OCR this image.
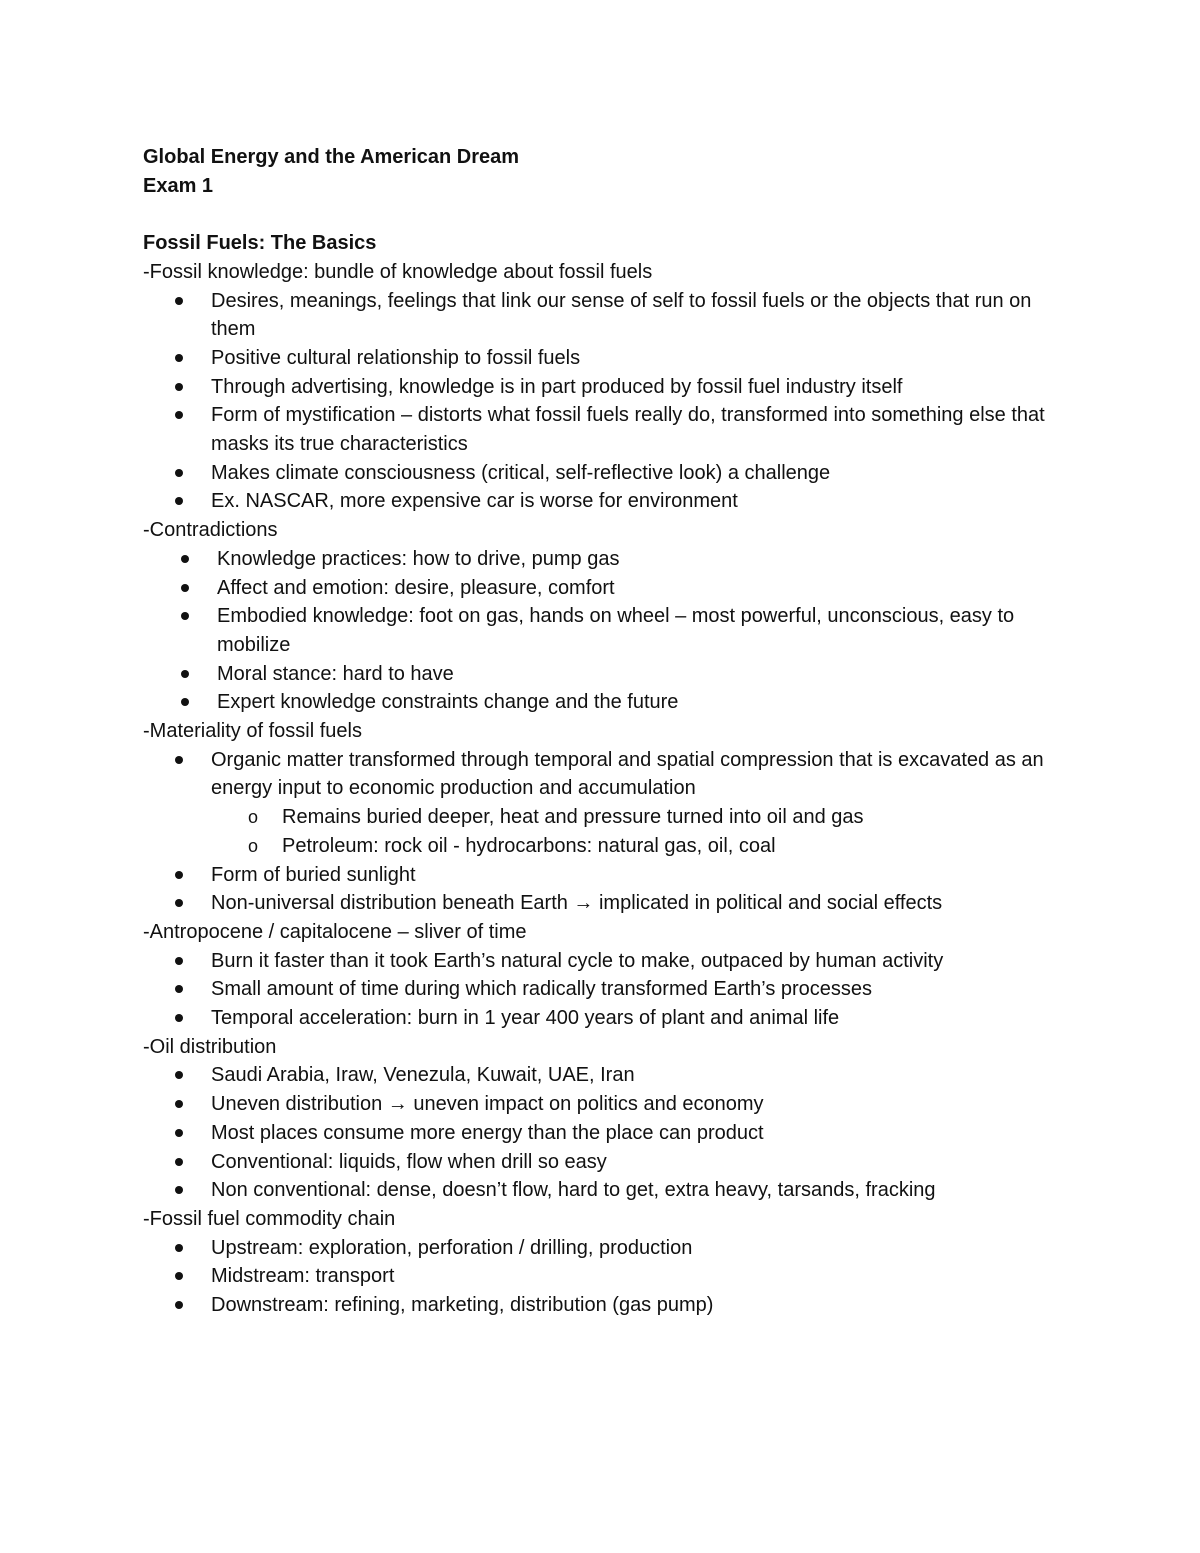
Global Energy and the American Dream
Exam 1
Fossil Fuels: The Basics
-Fossil knowledge: bundle of knowledge about fossil fuels
Desires, meanings, feelings that link our sense of self to fossil fuels or the objects that run on them
Positive cultural relationship to fossil fuels
Through advertising, knowledge is in part produced by fossil fuel industry itself
Form of mystification – distorts what fossil fuels really do, transformed into something else that masks its true characteristics
Makes climate consciousness (critical, self-reflective look) a challenge
Ex. NASCAR, more expensive car is worse for environment
-Contradictions
Knowledge practices: how to drive, pump gas
Affect and emotion: desire, pleasure, comfort
Embodied knowledge: foot on gas, hands on wheel – most powerful, unconscious, easy to mobilize
Moral stance: hard to have
Expert knowledge constraints change and the future
-Materiality of fossil fuels
Organic matter transformed through temporal and spatial compression that is excavated as an energy input to economic production and accumulation
o Remains buried deeper, heat and pressure turned into oil and gas
o Petroleum: rock oil - hydrocarbons: natural gas, oil, coal
Form of buried sunlight
Non-universal distribution beneath Earth → implicated in political and social effects
-Antropocene / capitalocene – sliver of time
Burn it faster than it took Earth’s natural cycle to make, outpaced by human activity
Small amount of time during which radically transformed Earth’s processes
Temporal acceleration: burn in 1 year 400 years of plant and animal life
-Oil distribution
Saudi Arabia, Iraw, Venezula, Kuwait, UAE, Iran
Uneven distribution → uneven impact on politics and economy
Most places consume more energy than the place can product
Conventional: liquids, flow when drill so easy
Non conventional: dense, doesn’t flow, hard to get, extra heavy, tarsands, fracking
-Fossil fuel commodity chain
Upstream: exploration, perforation / drilling, production
Midstream: transport
Downstream: refining, marketing, distribution (gas pump)
